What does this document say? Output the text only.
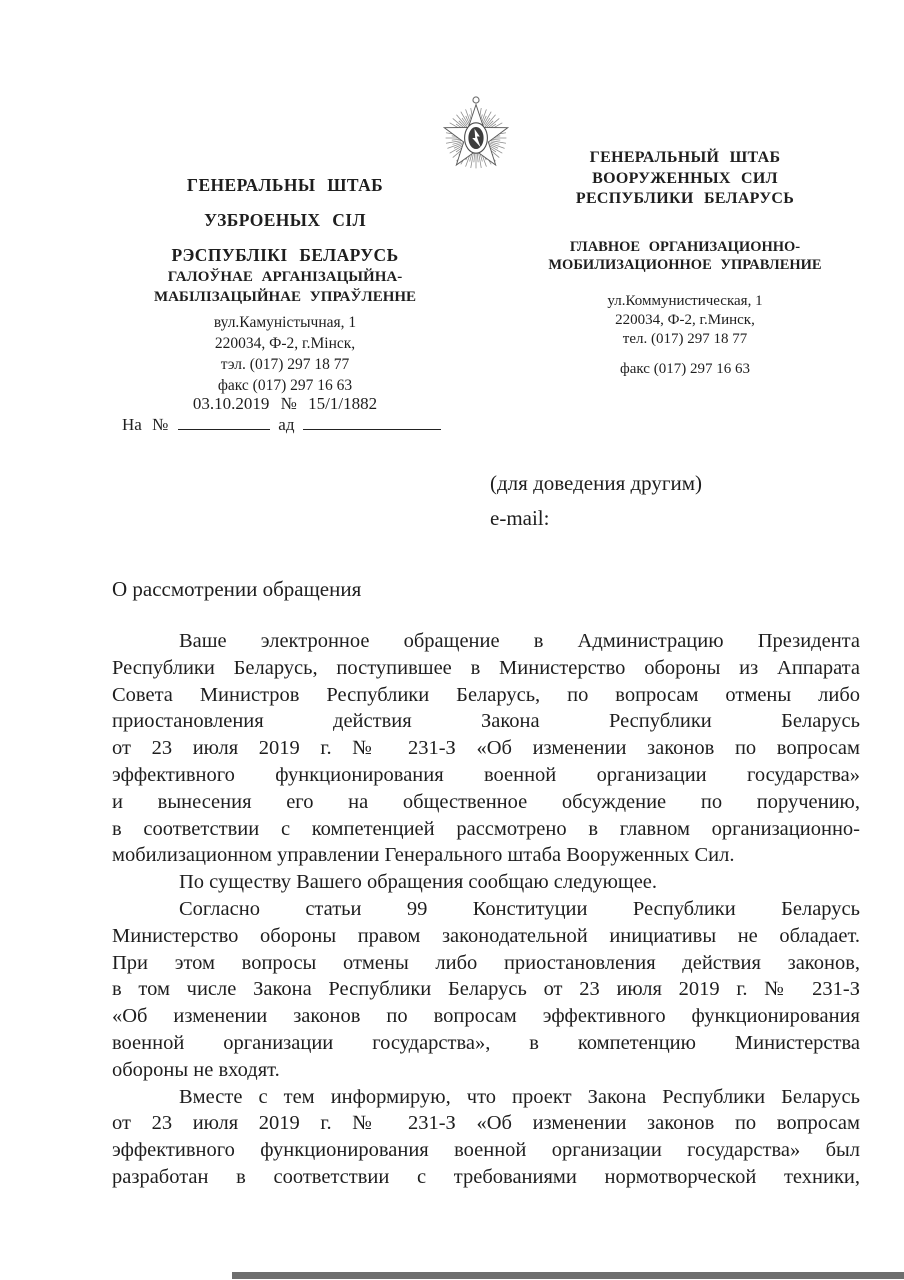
ГЕНЕРАЛЬНЫ ШТАБ
УЗБРОЕНЫХ СІЛ
РЭСПУБЛІКІ БЕЛАРУСЬ
ГАЛОЎНАЕ АРГАНІЗАЦЫЙНА-
МАБІЛІЗАЦЫЙНАЕ УПРАЎЛЕННЕ
вул.Камуністычная, 1
220034, Ф-2, г.Мінск,
тэл. (017) 297 18 77
факс (017) 297 16 63
03.10.2019 № 15/1/1882
На №	ад
ГЕНЕРАЛЬНЫЙ ШТАБ
ВООРУЖЕННЫХ СИЛ
РЕСПУБЛИКИ БЕЛАРУСЬ
ГЛАВНОЕ ОРГАНИЗАЦИОННО-
МОБИЛИЗАЦИОННОЕ УПРАВЛЕНИЕ
ул.Коммунистическая, 1
220034, Ф-2, г.Минск,
тел. (017) 297 18 77
факс (017) 297 16 63
(для доведения другим)
e-mail:
О рассмотрении обращения
Ваше электронное обращение в Администрацию Президента
Республики Беларусь, поступившее в Министерство обороны из Аппарата
Совета Министров Республики Беларусь, по вопросам отмены либо
приостановления действия Закона Республики Беларусь
от 23 июля 2019 г. № 231-З «Об изменении законов по вопросам
эффективного функционирования военной организации государства»
и вынесения его на общественное обсуждение по поручению,
в соответствии с компетенцией рассмотрено в главном организационно-
мобилизационном управлении Генерального штаба Вооруженных Сил.
По существу Вашего обращения сообщаю следующее.
Согласно статьи 99 Конституции Республики Беларусь
Министерство обороны правом законодательной инициативы не обладает.
При этом вопросы отмены либо приостановления действия законов,
в том числе Закона Республики Беларусь от 23 июля 2019 г. № 231-З
«Об изменении законов по вопросам эффективного функционирования
военной организации государства», в компетенцию Министерства
обороны не входят.
Вместе с тем информирую, что проект Закона Республики Беларусь
от 23 июля 2019 г. № 231-З «Об изменении законов по вопросам
эффективного функционирования военной организации государства» был
разработан в соответствии с требованиями нормотворческой техники,
